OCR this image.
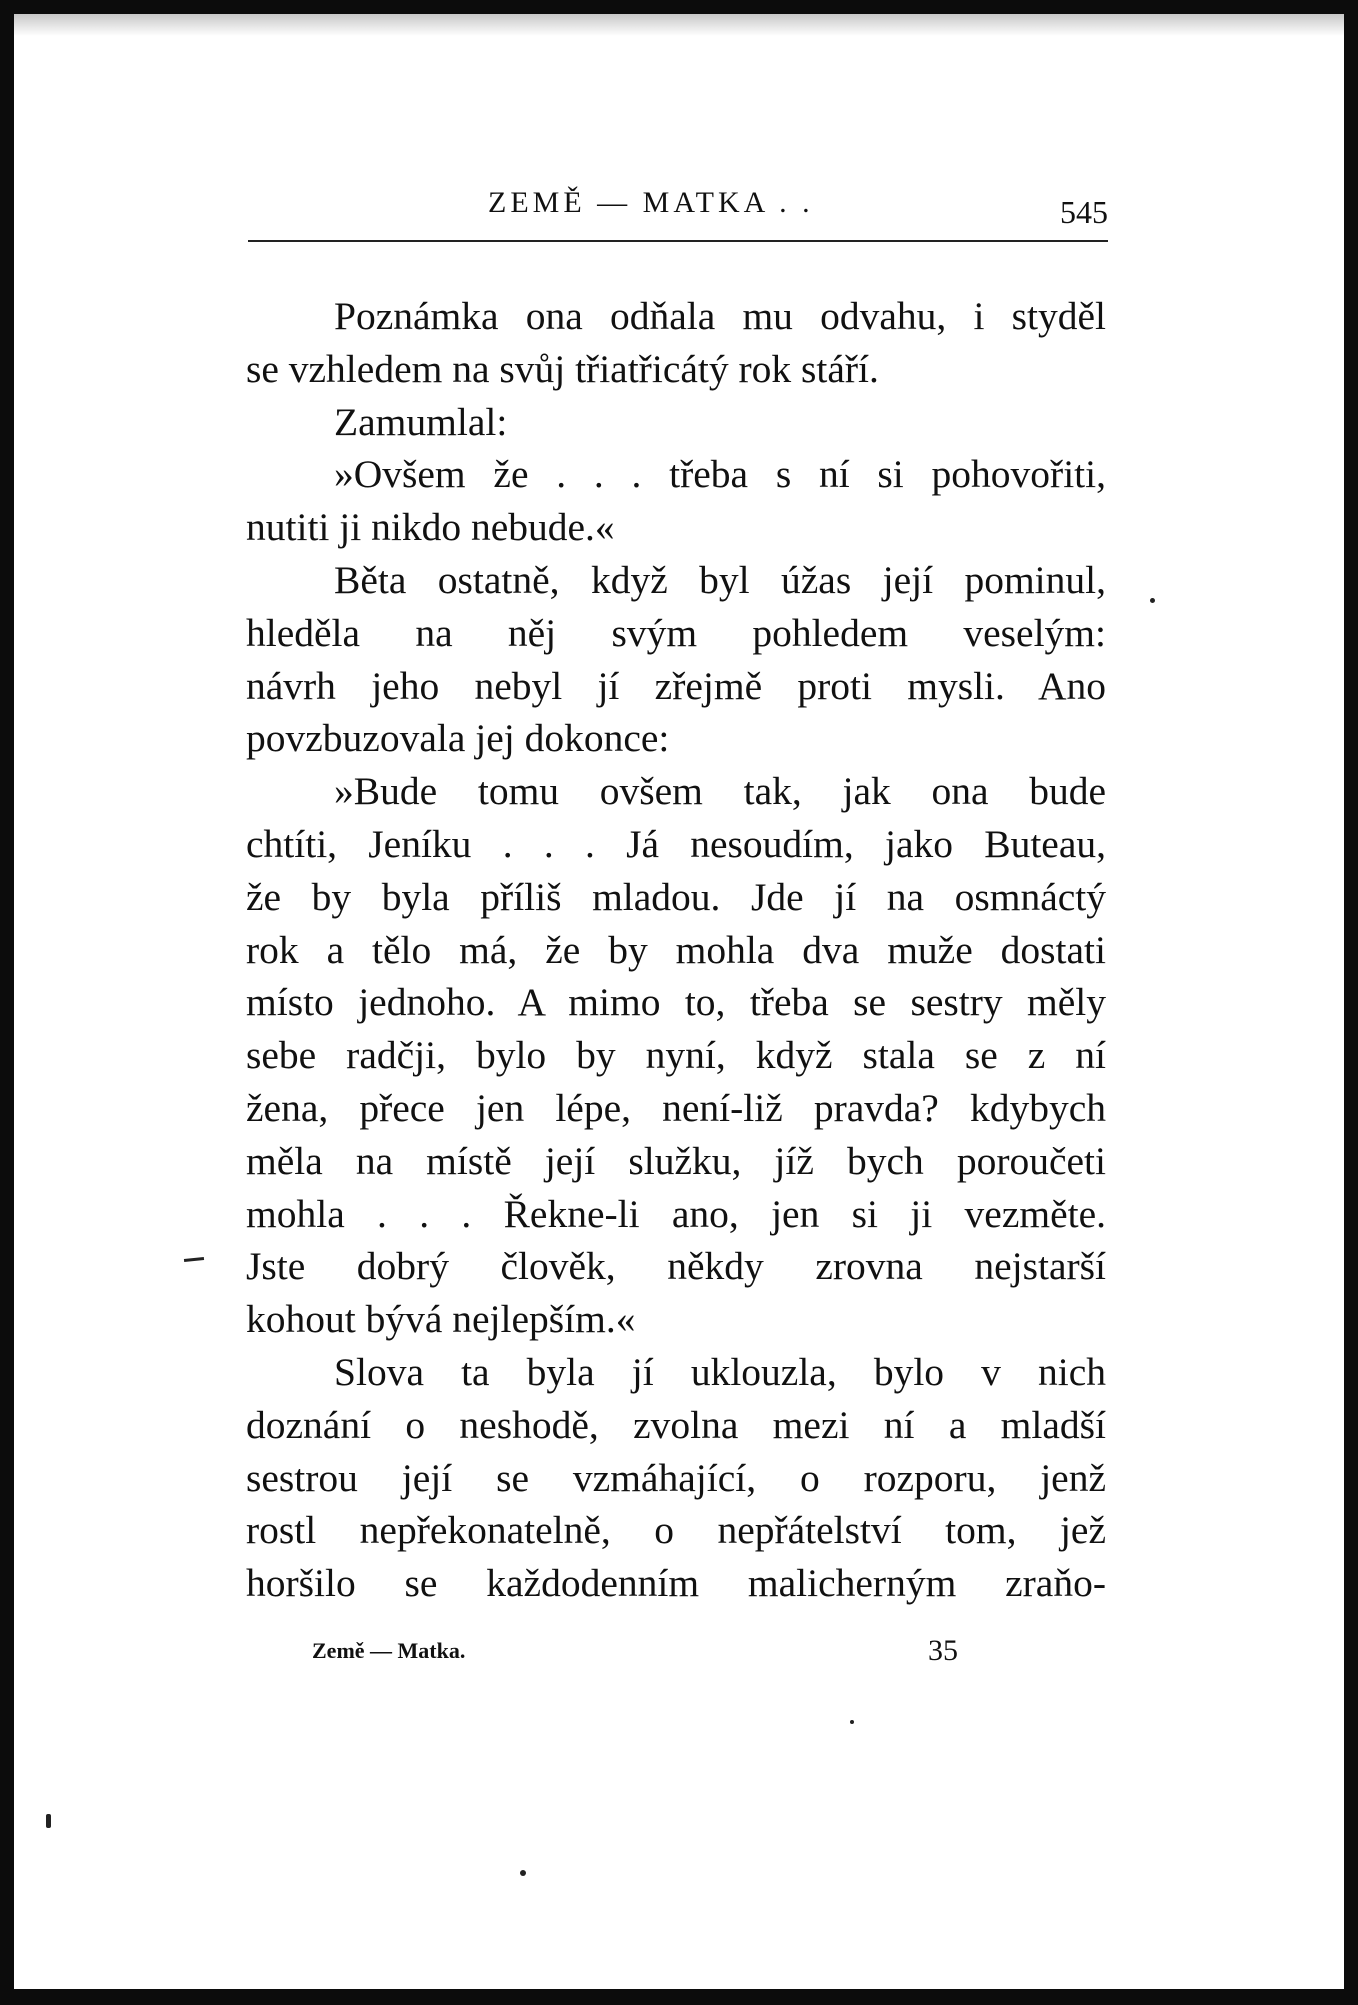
ZEMĚ — MATKA . .	545
Poznámka ona odňala mu odvahu, i styděl
se vzhledem na svůj třiatřicátý rok stáří.
Zamumlal:
»Ovšem že . . . třeba s ní si pohovořiti,
nutiti ji nikdo nebude.«
Běta ostatně, když byl úžas její pominul,
hleděla na něj svým pohledem veselým:
návrh jeho nebyl jí zřejmě proti mysli. Ano
povzbuzovala jej dokonce:
»Bude tomu ovšem tak, jak ona bude
chtíti, Jeníku . . . Já nesoudím, jako Buteau,
že by byla příliš mladou. Jde jí na osmnáctý
rok a tělo má, že by mohla dva muže dostati
místo jednoho. A mimo to, třeba se sestry měly
sebe radčji, bylo by nyní, když stala se z ní
žena, přece jen lépe, není-liž pravda? kdybych
měla na místě její služku, jíž bych poroučeti
mohla . . . Řekne-li ano, jen si ji vezměte.
Jste dobrý člověk, někdy zrovna nejstarší
kohout bývá nejlepším.«
Slova ta byla jí uklouzla, bylo v nich
doznání o neshodě, zvolna mezi ní a mladší
sestrou její se vzmáhající, o rozporu, jenž
rostl nepřekonatelně, o nepřátelství tom, jež
horšilo se každodenním malicherným zraňo-
Země — Matka.	35
